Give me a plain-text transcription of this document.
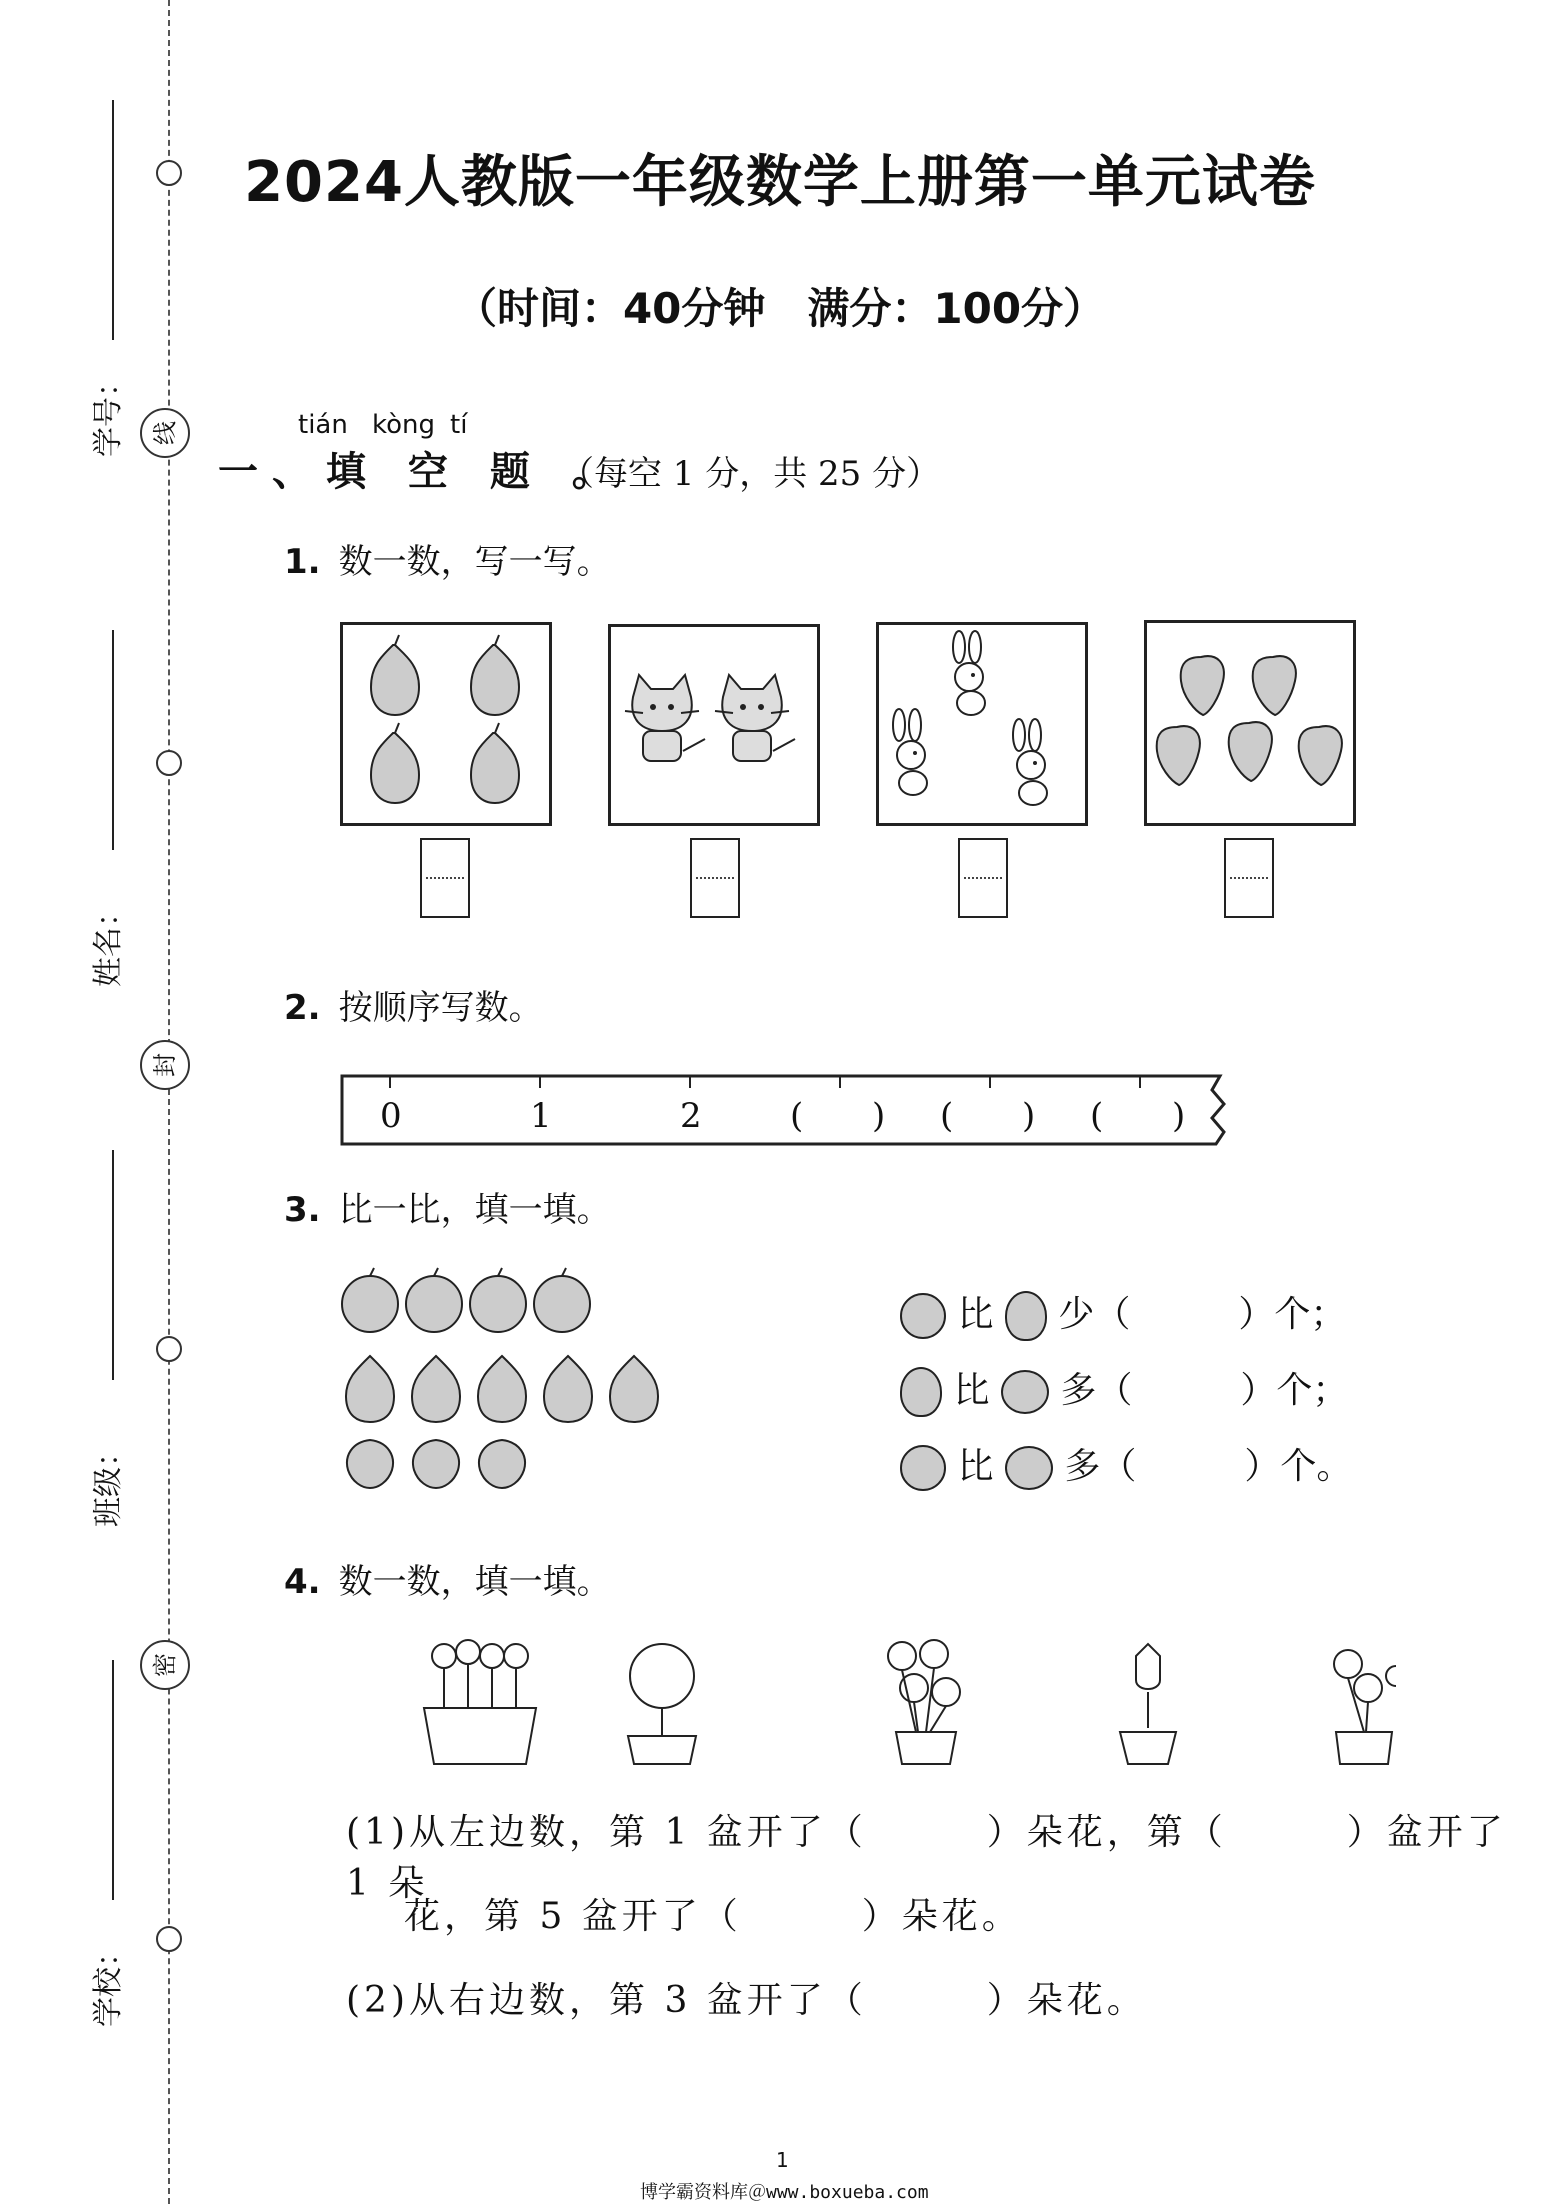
线
封
密
学号：
姓名：
班级：
学校：
2024人教版一年级数学上册第一单元试卷
（时间：40分钟　满分：100分）
tián kòng tí
一、填 空 题 。
（每空 1 分，共 25 分）
1. 数一数，写一写。
2. 按顺序写数。
0	1	2	( ) ( ) ( )
3. 比一比，填一填。
比 少（　　　）个；
比 多（　　　）个；
比 多（　　　）个。
4. 数一数，填一填。
(1)从左边数，第 1 盆开了（　　　）朵花，第（　　　）盆开了 1 朵
花，第 5 盆开了（　　　）朵花。
(2)从右边数，第 3 盆开了（　　　）朵花。
1
博学霸资料库＠www.boxueba.com
